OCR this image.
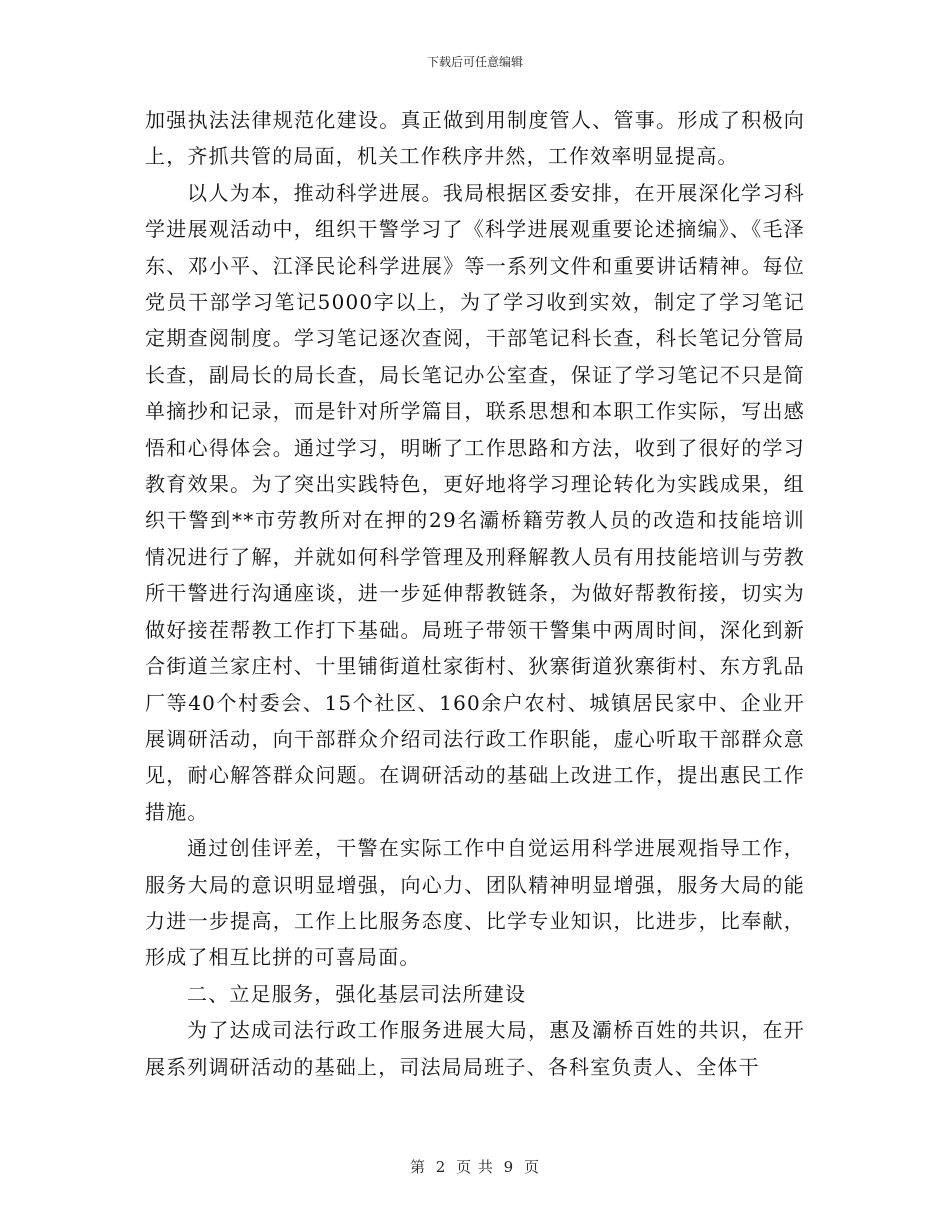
下载后可任意编辑

加强执法法律规范化建设。真正做到用制度管人、管事。形成了积极向上，齐抓共管的局面，机关工作秩序井然，工作效率明显提高。

以人为本，推动科学进展。我局根据区委安排，在开展深化学习科学进展观活动中，组织干警学习了《科学进展观重要论述摘编》、《毛泽东、邓小平、江泽民论科学进展》等一系列文件和重要讲话精神。每位党员干部学习笔记5000字以上，为了学习收到实效，制定了学习笔记定期查阅制度。学习笔记逐次查阅，干部笔记科长查，科长笔记分管局长查，副局长的局长查，局长笔记办公室查，保证了学习笔记不只是简单摘抄和记录，而是针对所学篇目，联系思想和本职工作实际，写出感悟和心得体会。通过学习，明晰了工作思路和方法，收到了很好的学习教育效果。为了突出实践特色，更好地将学习理论转化为实践成果，组织干警到**市劳教所对在押的29名灞桥籍劳教人员的改造和技能培训情况进行了解，并就如何科学管理及刑释解教人员有用技能培训与劳教所干警进行沟通座谈，进一步延伸帮教链条，为做好帮教衔接，切实为做好接茬帮教工作打下基础。局班子带领干警集中两周时间，深化到新合街道兰家庄村、十里铺街道杜家街村、狄寨街道狄寨街村、东方乳品厂等40个村委会、15个社区、160余户农村、城镇居民家中、企业开展调研活动，向干部群众介绍司法行政工作职能，虚心听取干部群众意见，耐心解答群众问题。在调研活动的基础上改进工作，提出惠民工作措施。

通过创佳评差，干警在实际工作中自觉运用科学进展观指导工作，服务大局的意识明显增强，向心力、团队精神明显增强，服务大局的能力进一步提高，工作上比服务态度、比学专业知识，比进步，比奉献，形成了相互比拼的可喜局面。

二、立足服务，强化基层司法所建设

为了达成司法行政工作服务进展大局，惠及灞桥百姓的共识，在开展系列调研活动的基础上，司法局局班子、各科室负责人、全体干

第 2 页 共 9 页
